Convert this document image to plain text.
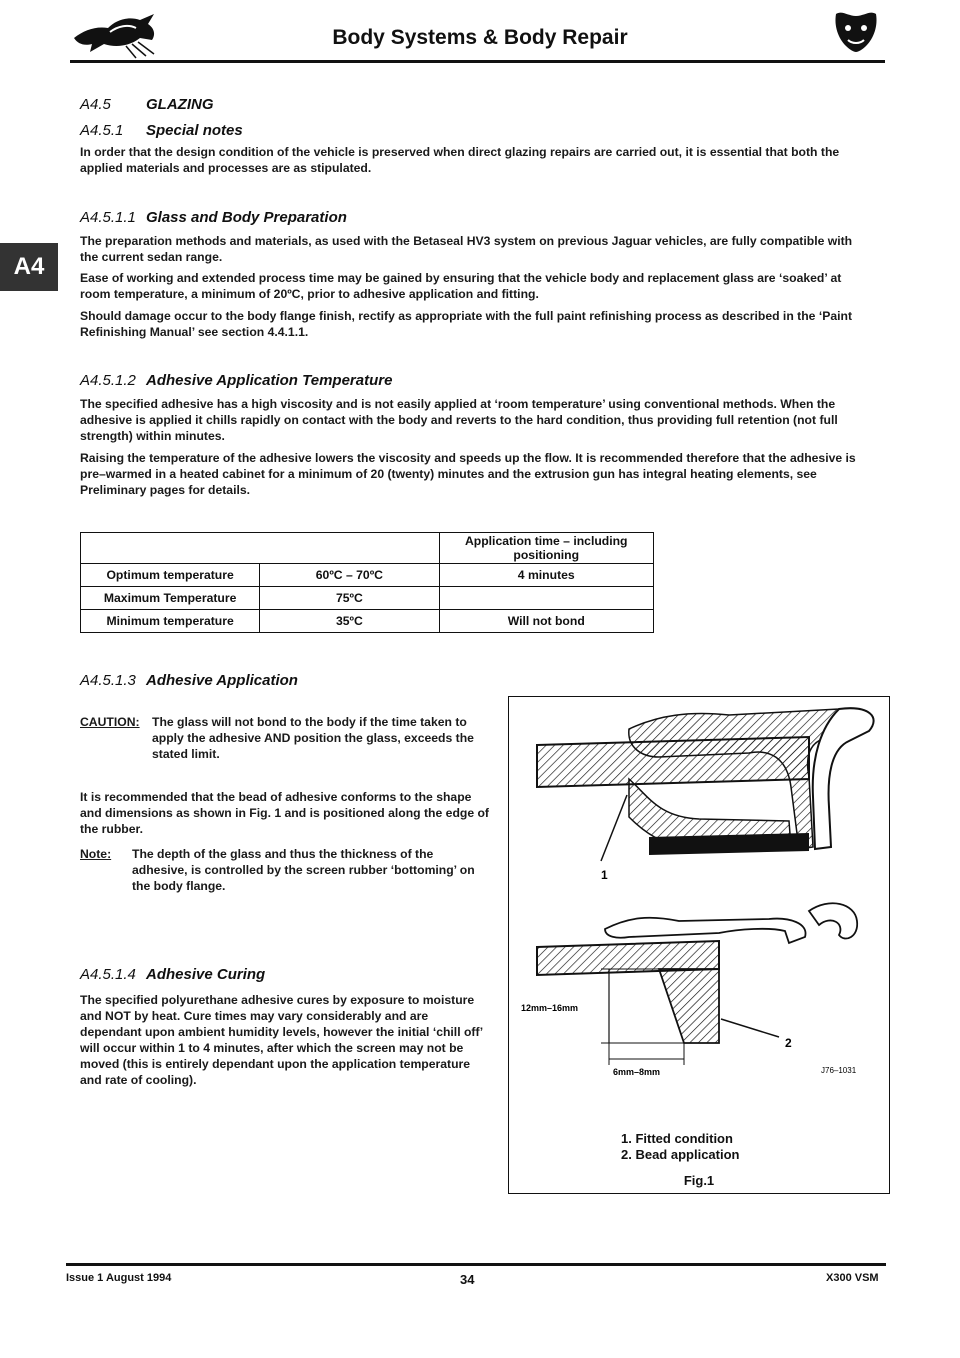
Body Systems & Body Repair
A4
A4.5 GLAZING
A4.5.1 Special notes
In order that the design condition of the vehicle is preserved when direct glazing repairs are carried out, it is essential that both the applied materials and processes are as stipulated.
A4.5.1.1 Glass and Body Preparation
The preparation methods and materials, as used with the Betaseal HV3 system on previous Jaguar vehicles, are fully compatible with the current sedan range.
Ease of working and extended process time may be gained by ensuring that the vehicle body and replacement glass are ‘soaked’ at room temperature, a minimum of 20ºC, prior to adhesive application and fitting.
Should damage occur to the body flange finish, rectify as appropriate with the full paint refinishing process as described in the ‘Paint Refinishing Manual’ see section 4.4.1.1.
A4.5.1.2 Adhesive Application Temperature
The specified adhesive has a high viscosity and is not easily applied at ‘room temperature’ using conventional methods. When the adhesive is applied it chills rapidly on contact with the body and reverts to the hard condition, thus providing full retention (not full strength) within minutes.
Raising the temperature of the adhesive lowers the viscosity and speeds up the flow. It is recommended therefore that the adhesive is pre–warmed in a heated cabinet for a minimum of 20 (twenty) minutes and the extrusion gun has integral heating elements, see Preliminary pages for details.
		Application time – including positioning
Optimum temperature	60ºC – 70ºC	4 minutes
Maximum Temperature	75ºC	
Minimum temperature	35ºC	Will not bond
A4.5.1.3 Adhesive Application
CAUTION:	The glass will not bond to the body if the time taken to apply the adhesive AND position the glass, exceeds the stated limit.
It is recommended that the bead of adhesive conforms to the shape and dimensions as shown in Fig. 1 and is positioned along the edge of the rubber.
Note:	The depth of the glass and thus the thickness of the adhesive, is controlled by the screen rubber ‘bottoming’ on the body flange.
A4.5.1.4 Adhesive Curing
The specified polyurethane adhesive cures by exposure to moisture and NOT by heat. Cure times may vary considerably and are dependant upon ambient humidity levels, however the initial ‘chill off’ will occur within 1 to 4 minutes, after which the screen may not be moved (this is entirely dependant upon the application temperature and rate of cooling).
1
12mm–16mm
6mm–8mm
2
J76–1031
1. Fitted condition
2. Bead application
Fig.1
Issue 1 August 1994	34	X300 VSM
